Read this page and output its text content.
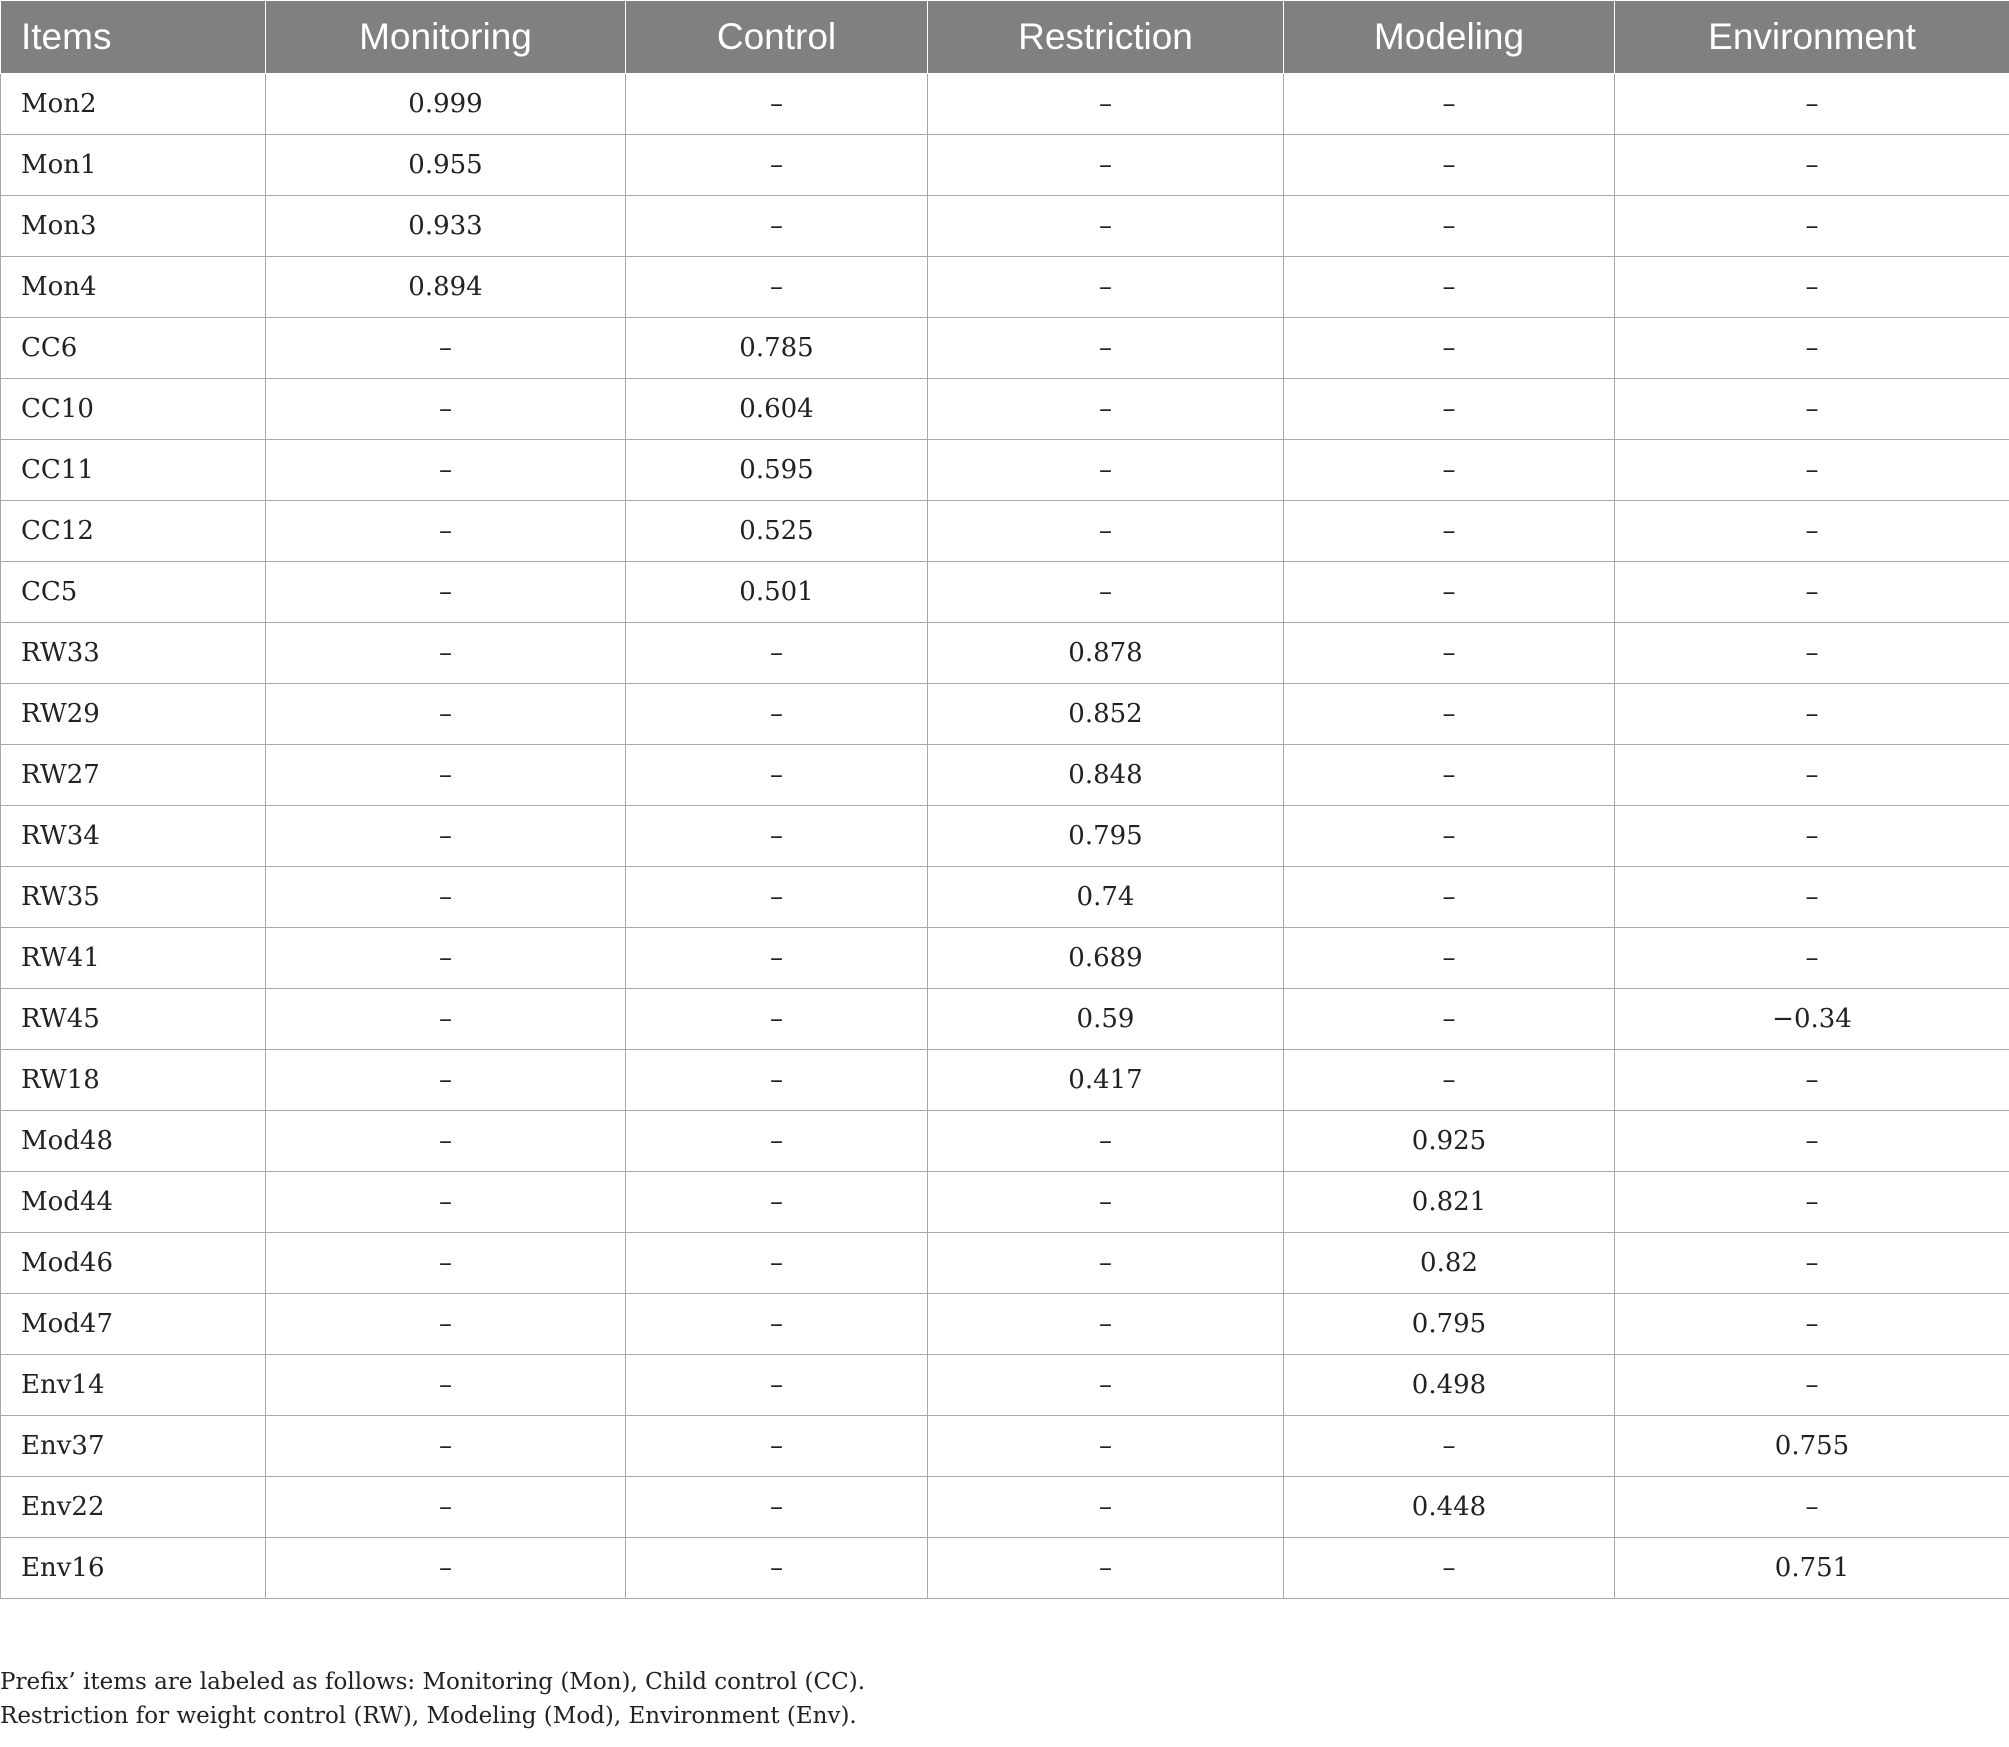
Items	Monitoring	Control	Restriction	Modeling	Environment
Mon2	0.999	–	–	–	–
Mon1	0.955	–	–	–	–
Mon3	0.933	–	–	–	–
Mon4	0.894	–	–	–	–
CC6	–	0.785	–	–	–
CC10	–	0.604	–	–	–
CC11	–	0.595	–	–	–
CC12	–	0.525	–	–	–
CC5	–	0.501	–	–	–
RW33	–	–	0.878	–	–
RW29	–	–	0.852	–	–
RW27	–	–	0.848	–	–
RW34	–	–	0.795	–	–
RW35	–	–	0.74	–	–
RW41	–	–	0.689	–	–
RW45	–	–	0.59	–	−0.34
RW18	–	–	0.417	–	–
Mod48	–	–	–	0.925	–
Mod44	–	–	–	0.821	–
Mod46	–	–	–	0.82	–
Mod47	–	–	–	0.795	–
Env14	–	–	–	0.498	–
Env37	–	–	–	–	0.755
Env22	–	–	–	0.448	–
Env16	–	–	–	–	0.751
Prefix’ items are labeled as follows: Monitoring (Mon), Child control (CC).
Restriction for weight control (RW), Modeling (Mod), Environment (Env).
